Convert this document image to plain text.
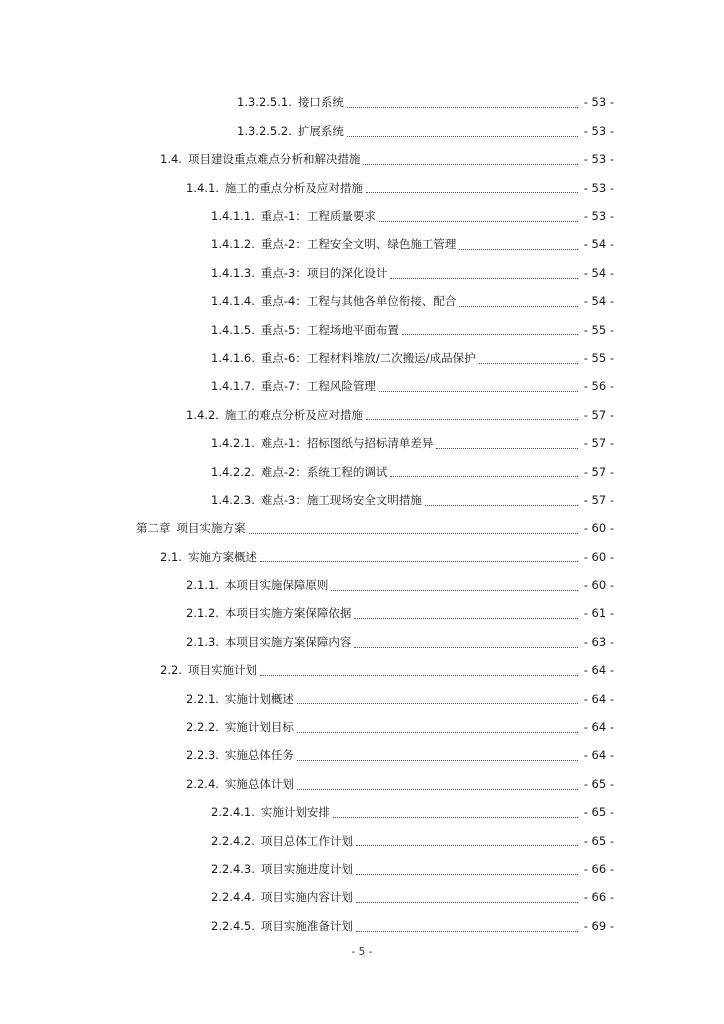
1.3.2.5.1. 接口系统	- 53 -
1.3.2.5.2. 扩展系统	- 53 -
1.4. 项目建设重点难点分析和解决措施	- 53 -
1.4.1. 施工的重点分析及应对措施	- 53 -
1.4.1.1. 重点-1：工程质量要求	- 53 -
1.4.1.2. 重点-2：工程安全文明、绿色施工管理	- 54 -
1.4.1.3. 重点-3：项目的深化设计	- 54 -
1.4.1.4. 重点-4：工程与其他各单位衔接、配合	- 54 -
1.4.1.5. 重点-5：工程场地平面布置	- 55 -
1.4.1.6. 重点-6：工程材料堆放/二次搬运/成品保护	- 55 -
1.4.1.7. 重点-7：工程风险管理	- 56 -
1.4.2. 施工的难点分析及应对措施	- 57 -
1.4.2.1. 难点-1：招标图纸与招标清单差异	- 57 -
1.4.2.2. 难点-2：系统工程的调试	- 57 -
1.4.2.3. 难点-3：施工现场安全文明措施	- 57 -
第二章 项目实施方案	- 60 -
2.1. 实施方案概述	- 60 -
2.1.1. 本项目实施保障原则	- 60 -
2.1.2. 本项目实施方案保障依据	- 61 -
2.1.3. 本项目实施方案保障内容	- 63 -
2.2. 项目实施计划	- 64 -
2.2.1. 实施计划概述	- 64 -
2.2.2. 实施计划目标	- 64 -
2.2.3. 实施总体任务	- 64 -
2.2.4. 实施总体计划	- 65 -
2.2.4.1. 实施计划安排	- 65 -
2.2.4.2. 项目总体工作计划	- 65 -
2.2.4.3. 项目实施进度计划	- 66 -
2.2.4.4. 项目实施内容计划	- 66 -
2.2.4.5. 项目实施准备计划	- 69 -
- 5 -
